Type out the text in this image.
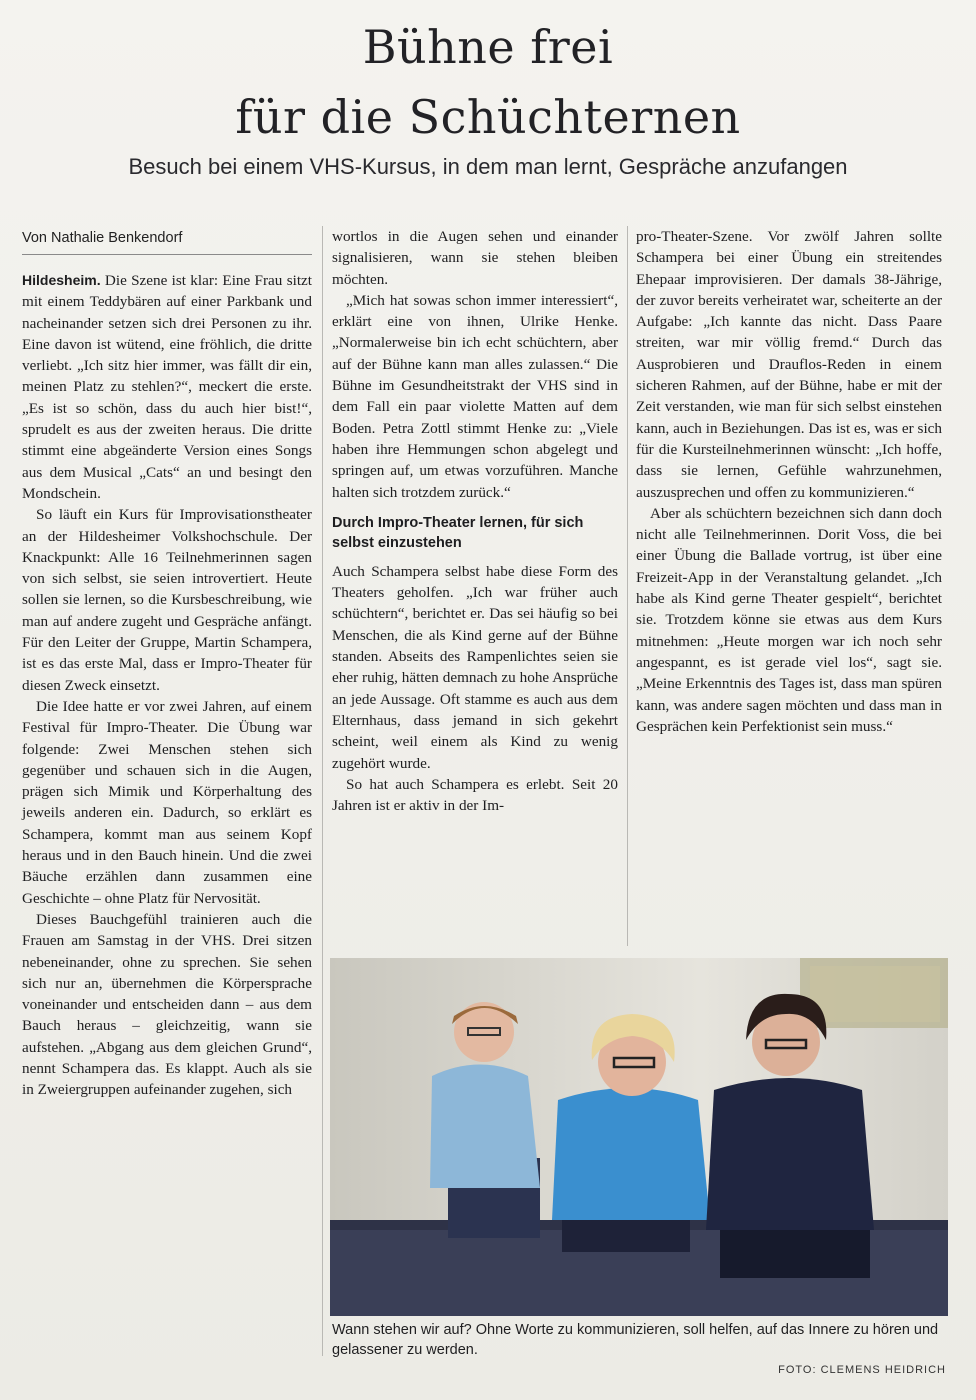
Bühne frei
für die Schüchternen
Besuch bei einem VHS-Kursus, in dem man lernt, Gespräche anzufangen
Von Nathalie Benkendorf

Hildesheim. Die Szene ist klar: Eine Frau sitzt mit einem Teddybären auf einer Parkbank und nacheinander setzen sich drei Personen zu ihr. Eine davon ist wütend, eine fröhlich, die dritte verliebt. „Ich sitz hier immer, was fällt dir ein, meinen Platz zu stehlen?“, meckert die erste. „Es ist so schön, dass du auch hier bist!“, sprudelt es aus der zweiten heraus. Die dritte stimmt eine abgeänderte Version eines Songs aus dem Musical „Cats“ an und besingt den Mondschein.

So läuft ein Kurs für Improvisationstheater an der Hildesheimer Volkshochschule. Der Knackpunkt: Alle 16 Teilnehmerinnen sagen von sich selbst, sie seien introvertiert. Heute sollen sie lernen, so die Kursbeschreibung, wie man auf andere zugeht und Gespräche anfängt. Für den Leiter der Gruppe, Martin Schampera, ist es das erste Mal, dass er Impro-Theater für diesen Zweck einsetzt.

Die Idee hatte er vor zwei Jahren, auf einem Festival für Impro-Theater. Die Übung war folgende: Zwei Menschen stehen sich gegenüber und schauen sich in die Augen, prägen sich Mimik und Körperhaltung des jeweils anderen ein. Dadurch, so erklärt es Schampera, kommt man aus seinem Kopf heraus und in den Bauch hinein. Und die zwei Bäuche erzählen dann zusammen eine Geschichte – ohne Platz für Nervosität.

Dieses Bauchgefühl trainieren auch die Frauen am Samstag in der VHS. Drei sitzen nebeneinander, ohne zu sprechen. Sie sehen sich nur an, übernehmen die Körpersprache voneinander und entscheiden dann – aus dem Bauch heraus – gleichzeitig, wann sie aufstehen. „Abgang aus dem gleichen Grund“, nennt Schampera das. Es klappt. Auch als sie in Zweiergruppen aufeinander zugehen, sich

wortlos in die Augen sehen und einander signalisieren, wann sie stehen bleiben möchten.

„Mich hat sowas schon immer interessiert“, erklärt eine von ihnen, Ulrike Henke. „Normalerweise bin ich echt schüchtern, aber auf der Bühne kann man alles zulassen.“ Die Bühne im Gesundheitstrakt der VHS sind in dem Fall ein paar violette Matten auf dem Boden. Petra Zottl stimmt Henke zu: „Viele haben ihre Hemmungen schon abgelegt und springen auf, um etwas vorzuführen. Manche halten sich trotzdem zurück.“

Durch Impro-Theater lernen, für sich selbst einzustehen

Auch Schampera selbst habe diese Form des Theaters geholfen. „Ich war früher auch schüchtern“, berichtet er. Das sei häufig so bei Menschen, die als Kind gerne auf der Bühne standen. Abseits des Rampenlichtes seien sie eher ruhig, hätten demnach zu hohe Ansprüche an jede Aussage. Oft stamme es auch aus dem Elternhaus, dass jemand in sich gekehrt scheint, weil einem als Kind zu wenig zugehört wurde.

So hat auch Schampera es erlebt. Seit 20 Jahren ist er aktiv in der Im-

pro-Theater-Szene. Vor zwölf Jahren sollte Schampera bei einer Übung ein streitendes Ehepaar improvisieren. Der damals 38-Jährige, der zuvor bereits verheiratet war, scheiterte an der Aufgabe: „Ich kannte das nicht. Dass Paare streiten, war mir völlig fremd.“ Durch das Ausprobieren und Drauflos-Reden in einem sicheren Rahmen, auf der Bühne, habe er mit der Zeit verstanden, wie man für sich selbst einstehen kann, auch in Beziehungen. Das ist es, was er sich für die Kursteilnehmerinnen wünscht: „Ich hoffe, dass sie lernen, Gefühle wahrzunehmen, auszusprechen und offen zu kommunizieren.“

Aber als schüchtern bezeichnen sich dann doch nicht alle Teilnehmerinnen. Dorit Voss, die bei einer Übung die Ballade vortrug, ist über eine Freizeit-App in der Veranstaltung gelandet. „Ich habe als Kind gerne Theater gespielt“, berichtet sie. Trotzdem könne sie etwas aus dem Kurs mitnehmen: „Heute morgen war ich noch sehr angespannt, es ist gerade viel los“, sagt sie. „Meine Erkenntnis des Tages ist, dass man spüren kann, was andere sagen möchten und dass man in Gesprächen kein Perfektionist sein muss.“

Wann stehen wir auf? Ohne Worte zu kommunizieren, soll helfen, auf das Innere zu hören und gelassener zu werden.
FOTO: CLEMENS HEIDRICH
